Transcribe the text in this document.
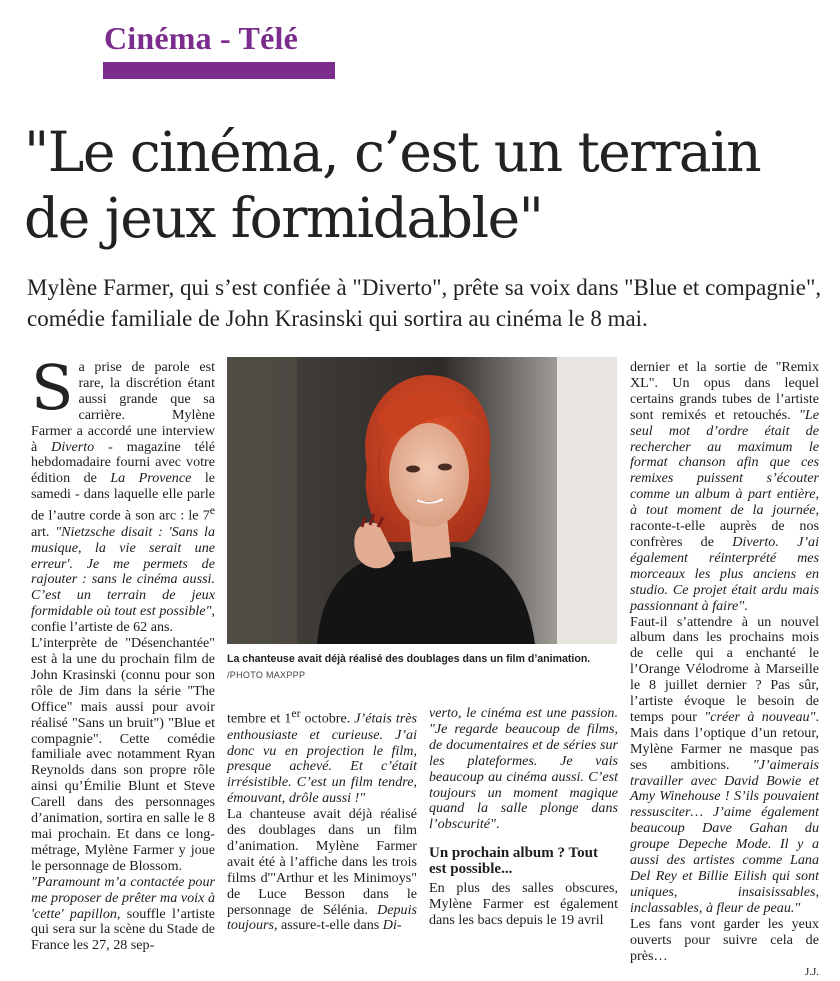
Cinéma - Télé
"Le cinéma, c’est un terrain de jeux formidable"

Mylène Farmer, qui s’est confiée à "Diverto", prête sa voix dans "Blue et compagnie", comédie familiale de John Krasinski qui sortira au cinéma le 8 mai.

Sa prise de parole est rare, la discrétion étant aussi grande que sa carrière. Mylène Farmer a accordé une interview à Diverto - magazine télé hebdomadaire fourni avec votre édition de La Provence le samedi - dans laquelle elle parle de l’autre corde à son arc : le 7e art. "Nietzsche disait : 'Sans la musique, la vie serait une erreur'. Je me permets de rajouter : sans le cinéma aussi. C’est un terrain de jeux formidable où tout est possible", confie l’artiste de 62 ans.

L’interprète de "Désenchantée" est à la une du prochain film de John Krasinski (connu pour son rôle de Jim dans la série "The Office" mais aussi pour avoir réalisé "Sans un bruit") "Blue et compagnie". Cette comédie familiale avec notamment Ryan Reynolds dans son propre rôle ainsi qu’Émilie Blunt et Steve Carell dans des personnages d’animation, sortira en salle le 8 mai prochain. Et dans ce long-métrage, Mylène Farmer y joue le personnage de Blossom.

"Paramount m’a contactée pour me proposer de prêter ma voix à 'cette' papillon, souffle l’artiste qui sera sur la scène du Stade de France les 27, 28 sep-

La chanteuse avait déjà réalisé des doublages dans un film d’animation.
/PHOTO MAXPPP

tembre et 1er octobre. J’étais très enthousiaste et curieuse. J’ai donc vu en projection le film, presque achevé. Et c’était irrésistible. C’est un film tendre, émouvant, drôle aussi !"

La chanteuse avait déjà réalisé des doublages dans un film d’animation. Mylène Farmer avait été à l’affiche dans les trois films d'"Arthur et les Minimoys" de Luce Besson dans le personnage de Sélénia. Depuis toujours, assure-t-elle dans Di-

verto, le cinéma est une passion. "Je regarde beaucoup de films, de documentaires et de séries sur les plateformes. Je vais beaucoup au cinéma aussi. C’est toujours un moment magique quand la salle plonge dans l’obscurité".

Un prochain album ? Tout est possible...

En plus des salles obscures, Mylène Farmer est également dans les bacs depuis le 19 avril

dernier et la sortie de "Remix XL". Un opus dans lequel certains grands tubes de l’artiste sont remixés et retouchés. "Le seul mot d’ordre était de rechercher au maximum le format chanson afin que ces remixes puissent s’écouter comme un album à part entière, à tout moment de la journée, raconte-t-elle auprès de nos confrères de Diverto. J’ai également réinterprété mes morceaux les plus anciens en studio. Ce projet était ardu mais passionnant à faire".

Faut-il s’attendre à un nouvel album dans les prochains mois de celle qui a enchanté le l’Orange Vélodrome à Marseille le 8 juillet dernier ? Pas sûr, l’artiste évoque le besoin de temps pour "créer à nouveau". Mais dans l’optique d’un retour, Mylène Farmer ne masque pas ses ambitions. "J’aimerais travailler avec David Bowie et Amy Winehouse ! S’ils pouvaient ressusciter… J’aime également beaucoup Dave Gahan du groupe Depeche Mode. Il y a aussi des artistes comme Lana Del Rey et Billie Eilish qui sont uniques, insaisissables, inclassables, à fleur de peau."

Les fans vont garder les yeux ouverts pour suivre cela de près…

J.J.
